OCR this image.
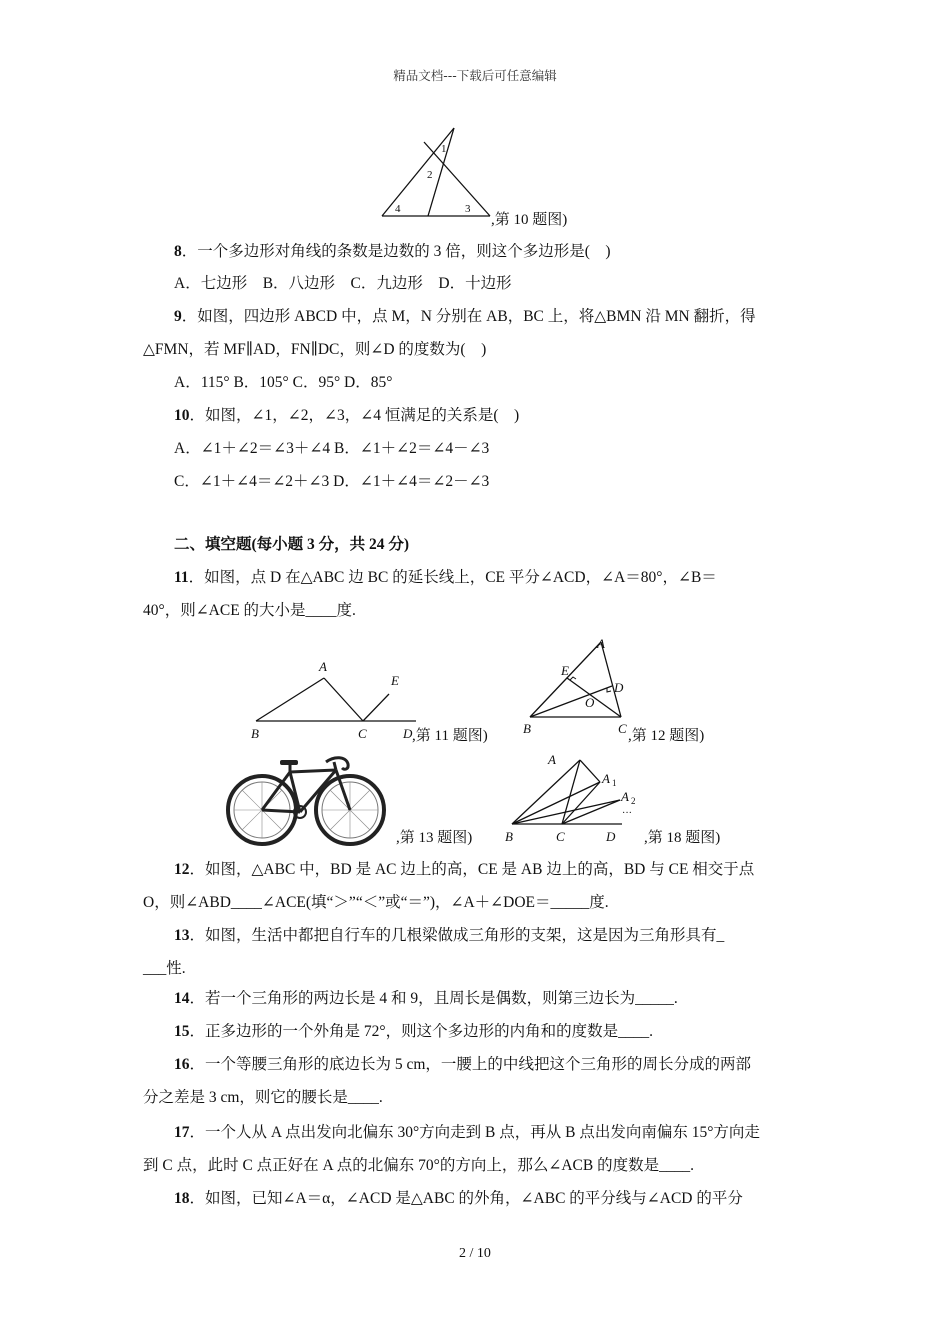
精品文档---下载后可任意编辑
1
2
3
4
,第 10 题图)
8．一个多边形对角线的条数是边数的 3 倍，则这个多边形是(　)
A．七边形　B．八边形　C．九边形　D．十边形
9．如图，四边形 ABCD 中，点 M，N 分别在 AB，BC 上，将△BMN 沿 MN 翻折，得
△FMN，若 MF∥AD，FN∥DC，则∠D 的度数为(　)
A．115° B．105° C．95° D．85°
10．如图，∠1，∠2，∠3，∠4 恒满足的关系是(　)
A．∠1＋∠2＝∠3＋∠4 B．∠1＋∠2＝∠4－∠3
C．∠1＋∠4＝∠2＋∠3 D．∠1＋∠4＝∠2－∠3
二、填空题(每小题 3 分，共 24 分)
11．如图，点 D 在△ABC 边 BC 的延长线上，CE 平分∠ACD，∠A＝80°，∠B＝
40°，则∠ACE 的大小是____度.
A
E
B	C	D ,第 11 题图)
A
E
D
O
B	C ,第 12 题图)
,第 13 题图)
A
A 1
A 2
···
B	C	D ,第 18 题图)
12．如图，△ABC 中，BD 是 AC 边上的高，CE 是 AB 边上的高，BD 与 CE 相交于点
O，则∠ABD____∠ACE(填“＞”“＜”或“＝”)，∠A＋∠DOE＝_____度.
13．如图，生活中都把自行车的几根梁做成三角形的支架，这是因为三角形具有_
___性.
14．若一个三角形的两边长是 4 和 9，且周长是偶数，则第三边长为_____.
15．正多边形的一个外角是 72°，则这个多边形的内角和的度数是____.
16．一个等腰三角形的底边长为 5 cm，一腰上的中线把这个三角形的周长分成的两部
分之差是 3 cm，则它的腰长是____.
17．一个人从 A 点出发向北偏东 30°方向走到 B 点，再从 B 点出发向南偏东 15°方向走
到 C 点，此时 C 点正好在 A 点的北偏东 70°的方向上，那么∠ACB 的度数是____.
18．如图，已知∠A＝α，∠ACD 是△ABC 的外角，∠ABC 的平分线与∠ACD 的平分
2 / 10
